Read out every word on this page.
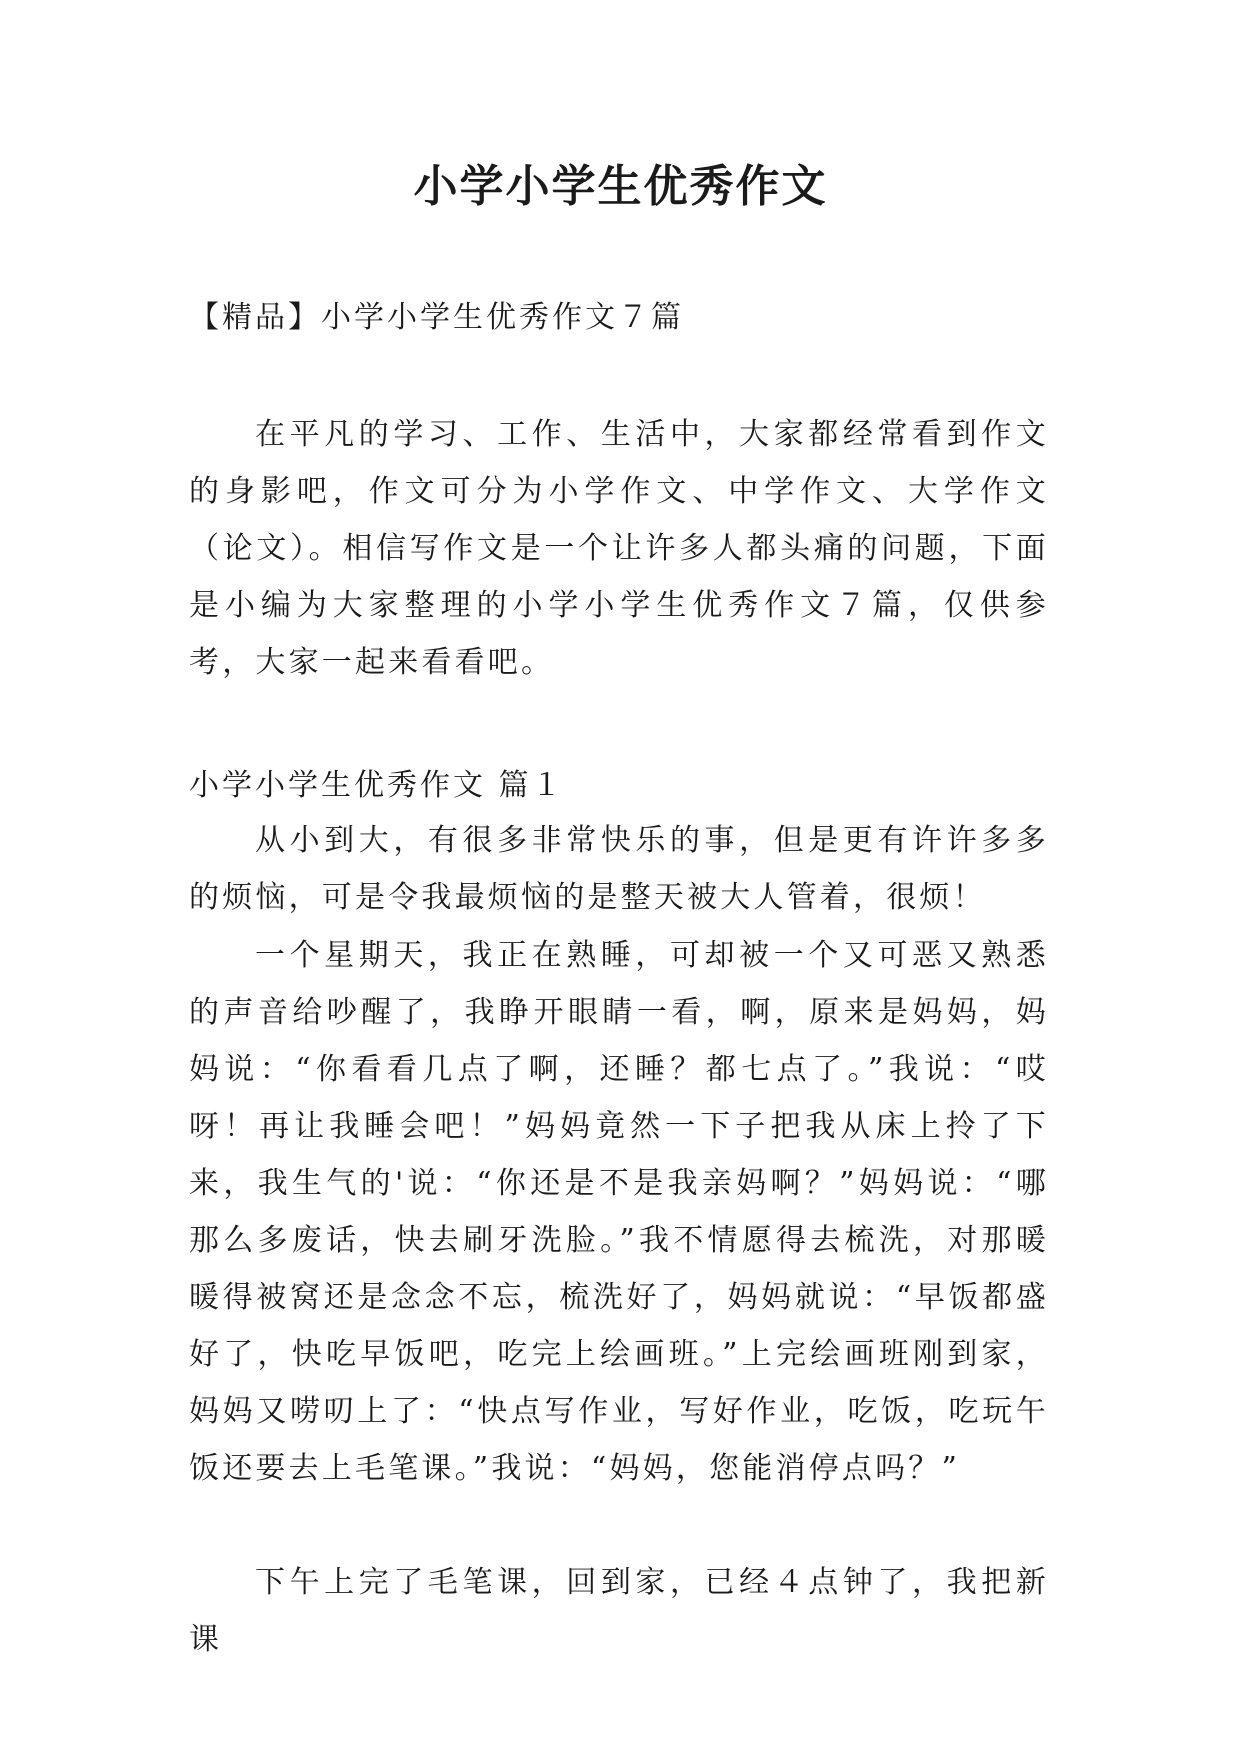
小学小学生优秀作文

【精品】小学小学生优秀作文７篇

在平凡的学习、工作、生活中，大家都经常看到作文的身影吧，作文可分为小学作文、中学作文、大学作文（论文）。相信写作文是一个让许多人都头痛的问题，下面是小编为大家整理的小学小学生优秀作文７篇，仅供参考，大家一起来看看吧。

小学小学生优秀作文 篇１

从小到大，有很多非常快乐的事，但是更有许许多多的烦恼，可是令我最烦恼的是整天被大人管着，很烦！

一个星期天，我正在熟睡，可却被一个又可恶又熟悉的声音给吵醒了，我睁开眼睛一看，啊，原来是妈妈，妈妈说：“你看看几点了啊，还睡？都七点了。”我说：“哎呀！再让我睡会吧！”妈妈竟然一下子把我从床上拎了下来，我生气的'说：“你还是不是我亲妈啊？”妈妈说：“哪那么多废话，快去刷牙洗脸。”我不情愿得去梳洗，对那暖暖得被窝还是念念不忘，梳洗好了，妈妈就说：“早饭都盛好了，快吃早饭吧，吃完上绘画班。”上完绘画班刚到家，妈妈又唠叨上了：“快点写作业，写好作业，吃饭，吃玩午饭还要去上毛笔课。”我说：“妈妈，您能消停点吗？”

下午上完了毛笔课，回到家，已经４点钟了，我把新课
